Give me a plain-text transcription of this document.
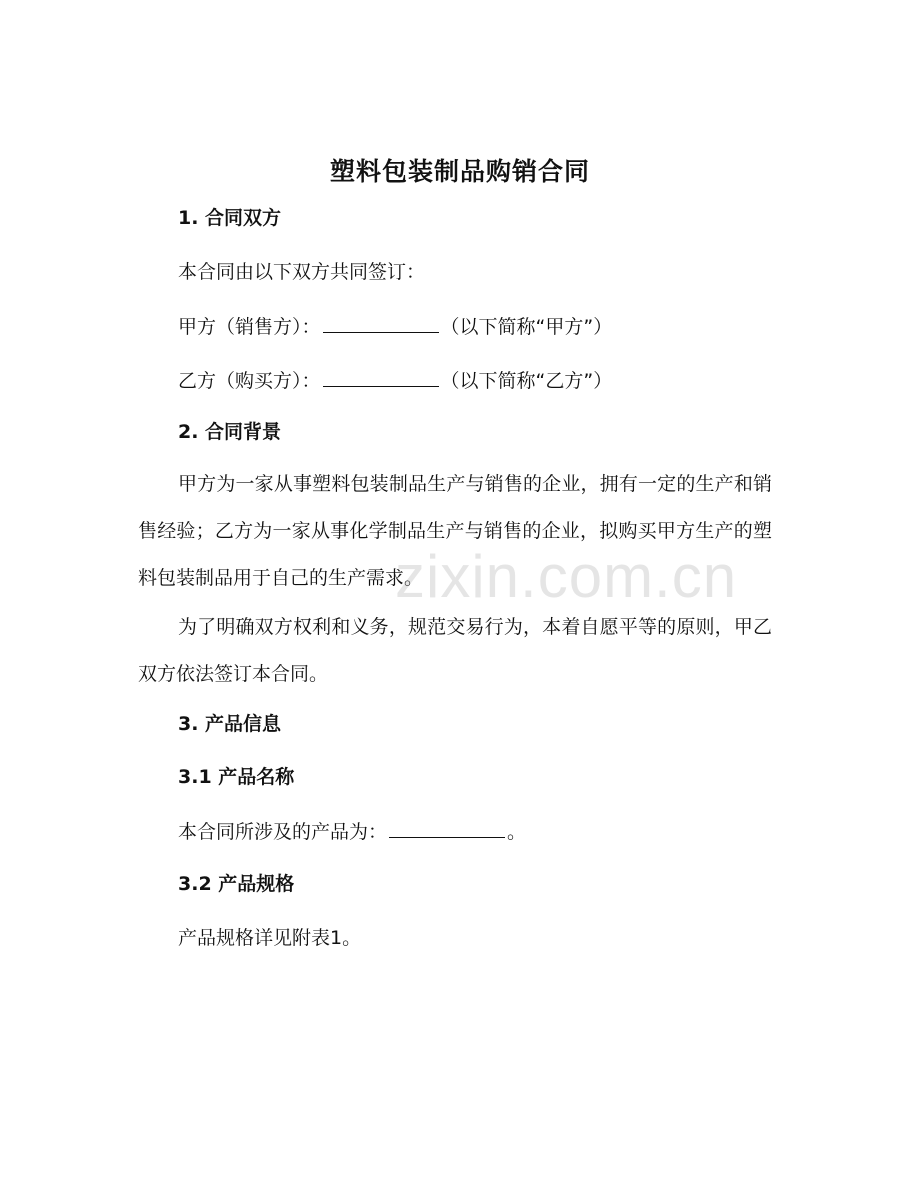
塑料包装制品购销合同
1. 合同双方
本合同由以下双方共同签订：
甲方（销售方）：	（以下简称“甲方”）
乙方（购买方）：	（以下简称“乙方”）
2. 合同背景
甲方为一家从事塑料包装制品生产与销售的企业，拥有一定的生产和销售经验；乙方为一家从事化学制品生产与销售的企业，拟购买甲方生产的塑料包装制品用于自己的生产需求。
为了明确双方权利和义务，规范交易行为，本着自愿平等的原则，甲乙双方依法签订本合同。
3. 产品信息
3.1 产品名称
本合同所涉及的产品为：	。
3.2 产品规格
产品规格详见附表1。
zixin.com.cn
